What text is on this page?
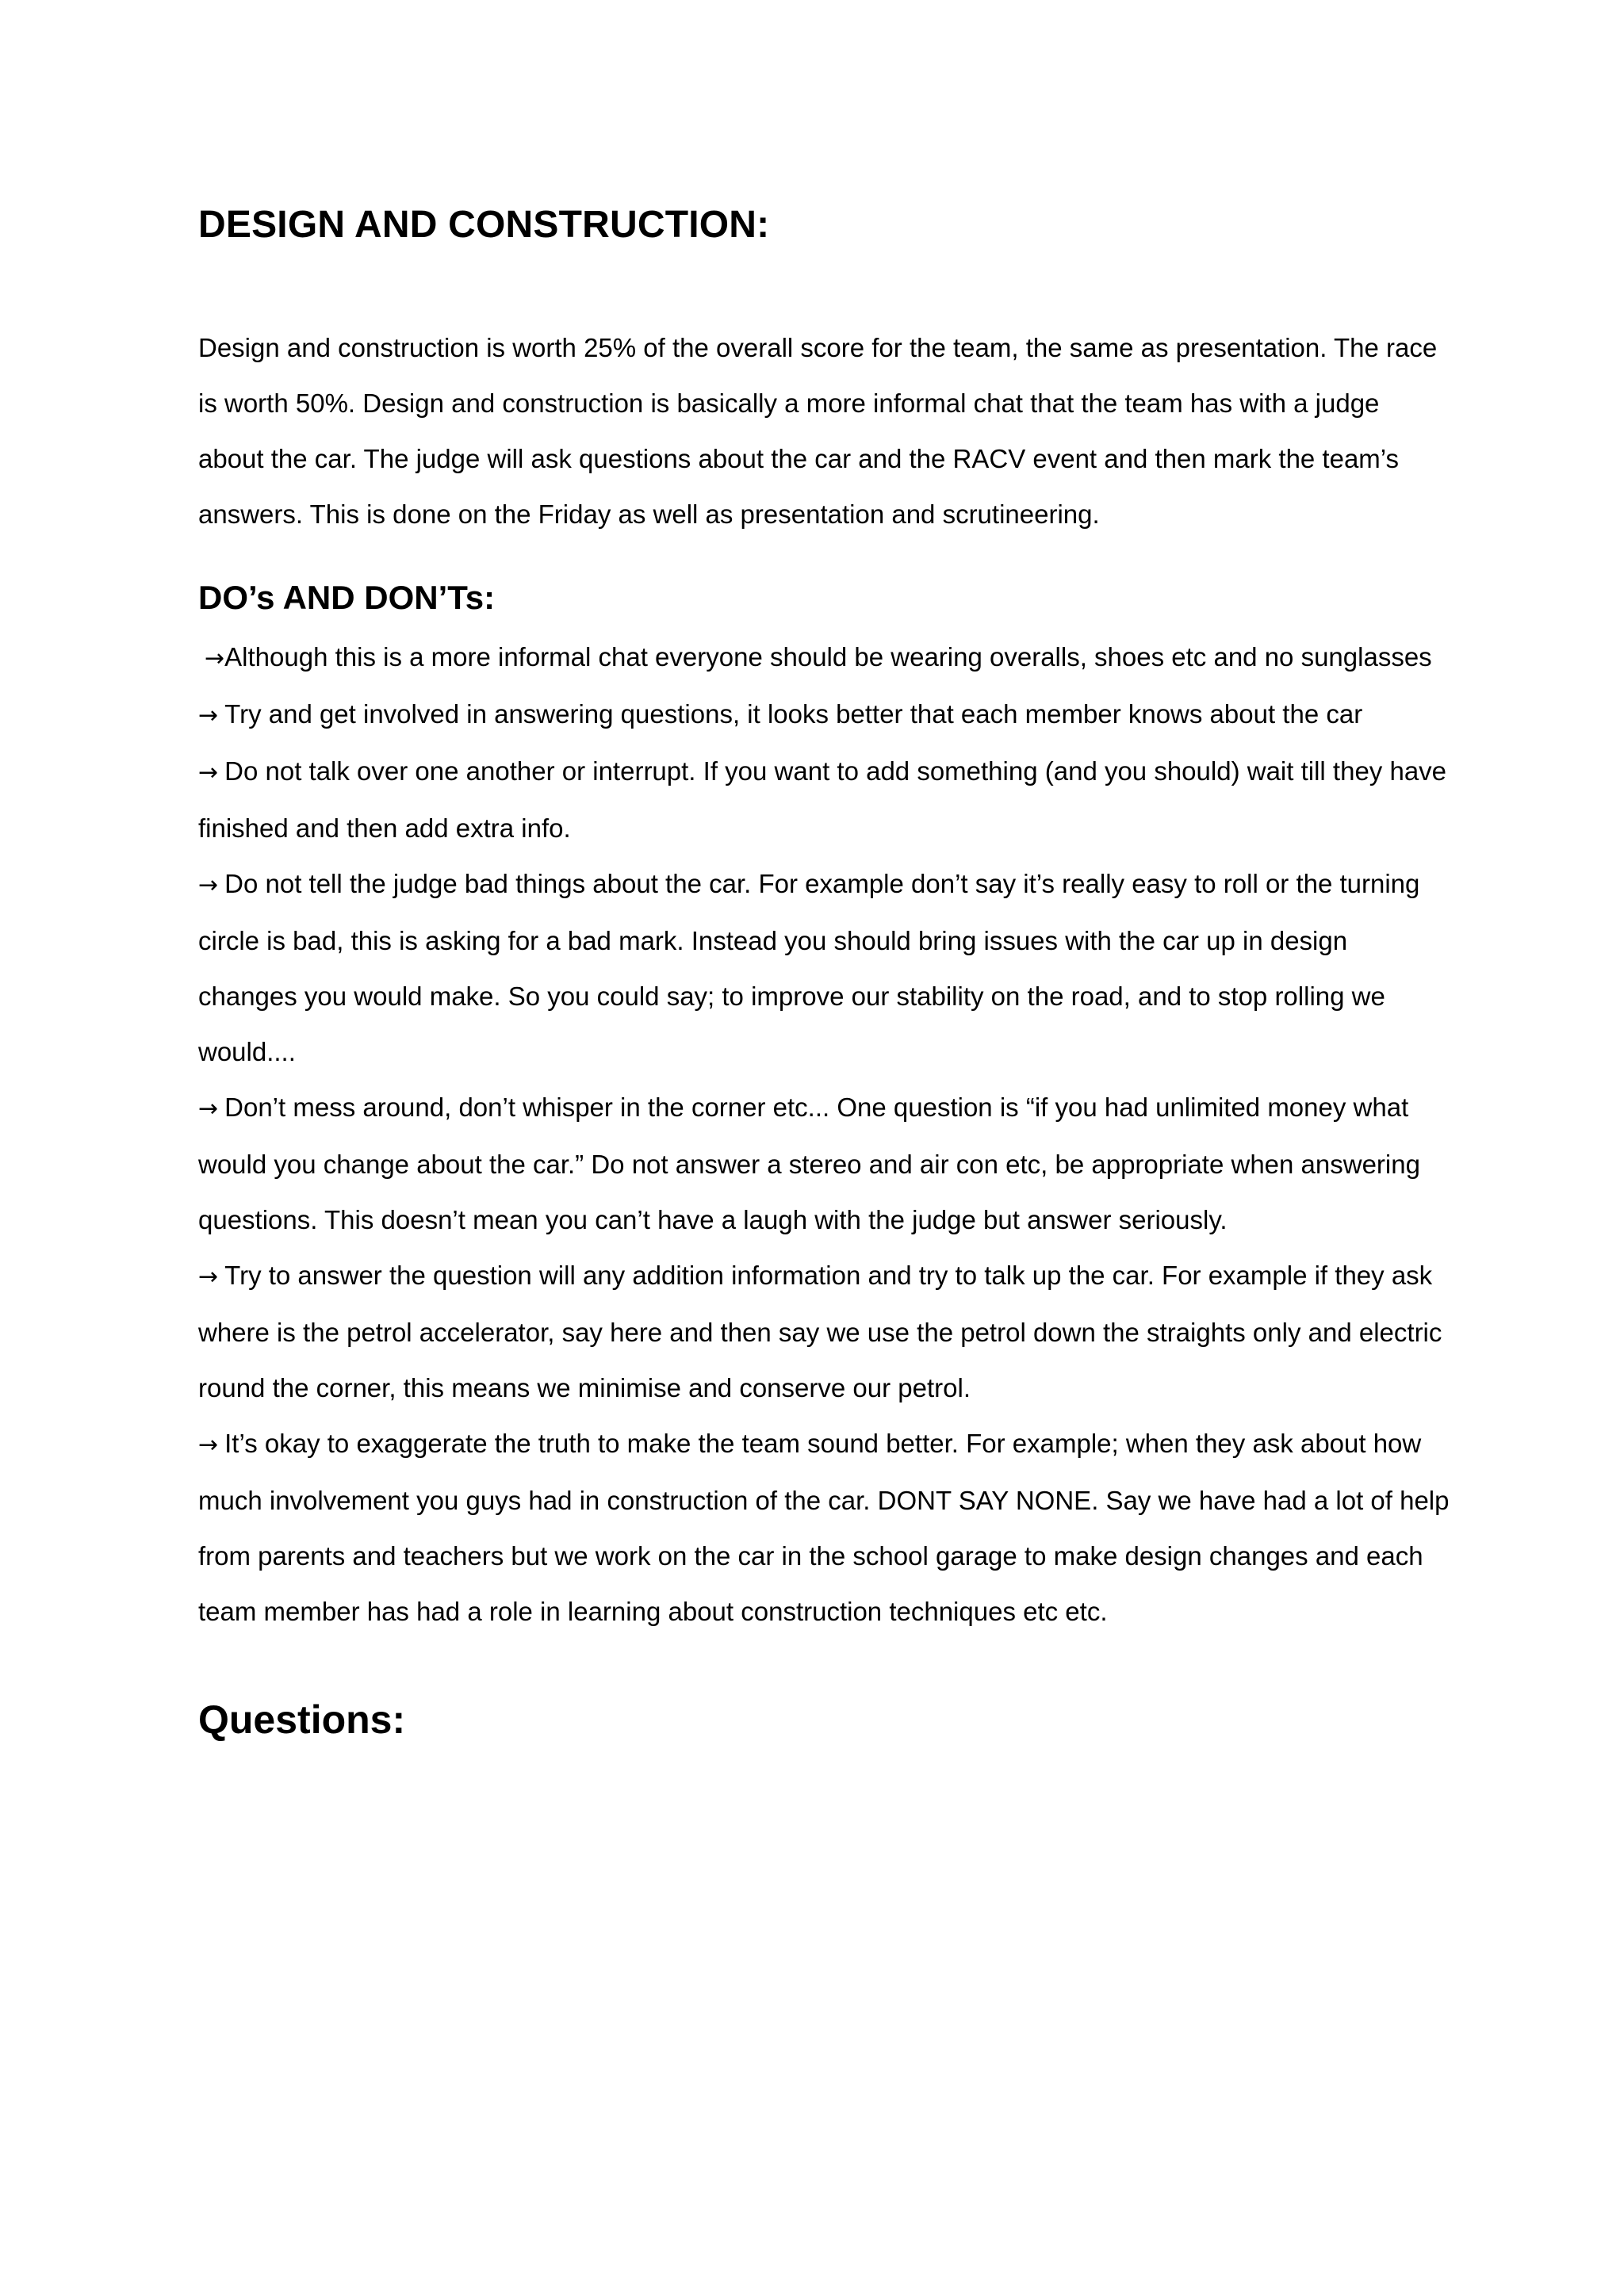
DESIGN AND CONSTRUCTION:

Design and construction is worth 25% of the overall score for the team, the same as presentation. The race is worth 50%. Design and construction is basically a more informal chat that the team has with a judge about the car. The judge will ask questions about the car and the RACV event and then mark the team’s answers. This is done on the Friday as well as presentation and scrutineering.

DO’s AND DON’Ts:

→Although this is a more informal chat everyone should be wearing overalls, shoes etc and no sunglasses

→ Try and get involved in answering questions, it looks better that each member knows about the car

→ Do not talk over one another or interrupt. If you want to add something (and you should) wait till they have finished and then add extra info.

→ Do not tell the judge bad things about the car. For example don’t say it’s really easy to roll or the turning circle is bad, this is asking for a bad mark. Instead you should bring issues with the car up in design changes you would make. So you could say; to improve our stability on the road, and to stop rolling we would....

→ Don’t mess around, don’t whisper in the corner etc... One question is “if you had unlimited money what would you change about the car.” Do not answer a stereo and air con etc, be appropriate when answering questions. This doesn’t mean you can’t have a laugh with the judge but answer seriously.

→ Try to answer the question will any addition information and try to talk up the car. For example if they ask where is the petrol accelerator, say here and then say we use the petrol down the straights only and electric round the corner, this means we minimise and conserve our petrol.

→ It’s okay to exaggerate the truth to make the team sound better. For example; when they ask about how much involvement you guys had in construction of the car. DONT SAY NONE. Say we have had a lot of help from parents and teachers but we work on the car in the school garage to make design changes and each team member has had a role in learning about construction techniques etc etc.

Questions:
